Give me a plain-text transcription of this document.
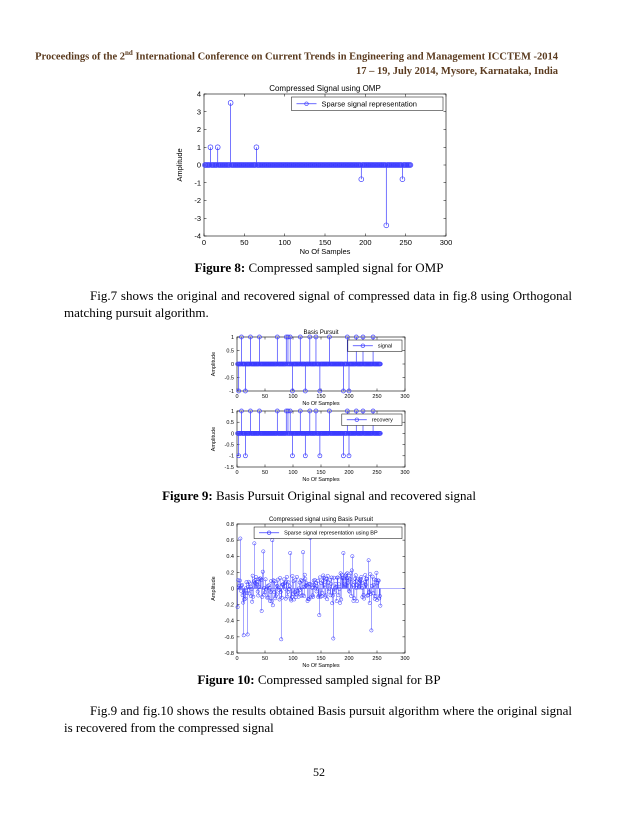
Proceedings of the 2nd International Conference on Current Trends in Engineering and Management ICCTEM -2014
17 – 19, July 2014, Mysore, Karnataka, India
Compressed Signal using OMP
0	50	100	150	200	250	300
-4
-3
-2
-1
0
1
2
3
4
No Of Samples
Amplitude
Sparse signal representation
Figure 8: Compressed sampled signal for OMP
Fig.7 shows the original and recovered signal of compressed data in fig.8 using Orthogonal matching pursuit algorithm.
Basis Pursuit
0	50	100	150	200	250	300
-1
-0.5
0
0.5
1
No Of Samples
Amplitude
signal
0	50	100	150	200	250	300
-1.5
-1
-0.5
0
0.5
1
No Of Samples
Amplitude
recovery
Figure 9: Basis Pursuit Original signal and recovered signal
Compressed signal using Basis Pursuit
0	50	100	150	200	250	300
-0.8
-0.6
-0.4
-0.2
0
0.2
0.4
0.6
0.8
No Of Samples
Amplitude
Sparse signal representation using BP
Figure 10: Compressed sampled signal for BP
Fig.9 and fig.10 shows the results obtained Basis pursuit algorithm where the original signal is recovered from the compressed signal
52
